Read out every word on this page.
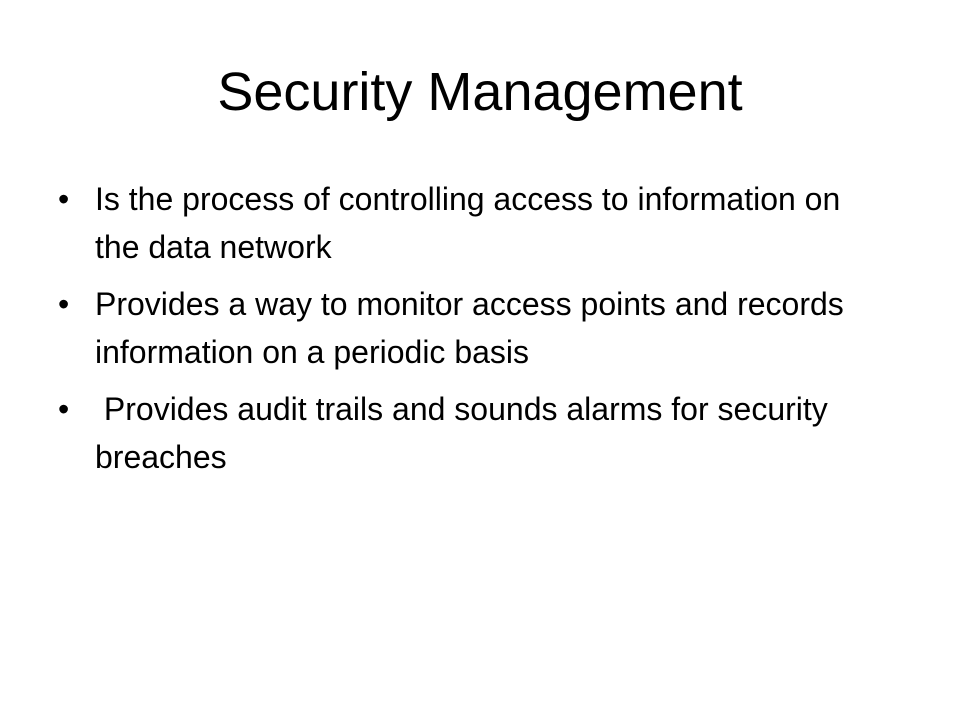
Security Management
• Is the process of controlling access to information on the data network
• Provides a way to monitor access points and records information on a periodic basis
• Provides audit trails and sounds alarms for security breaches
